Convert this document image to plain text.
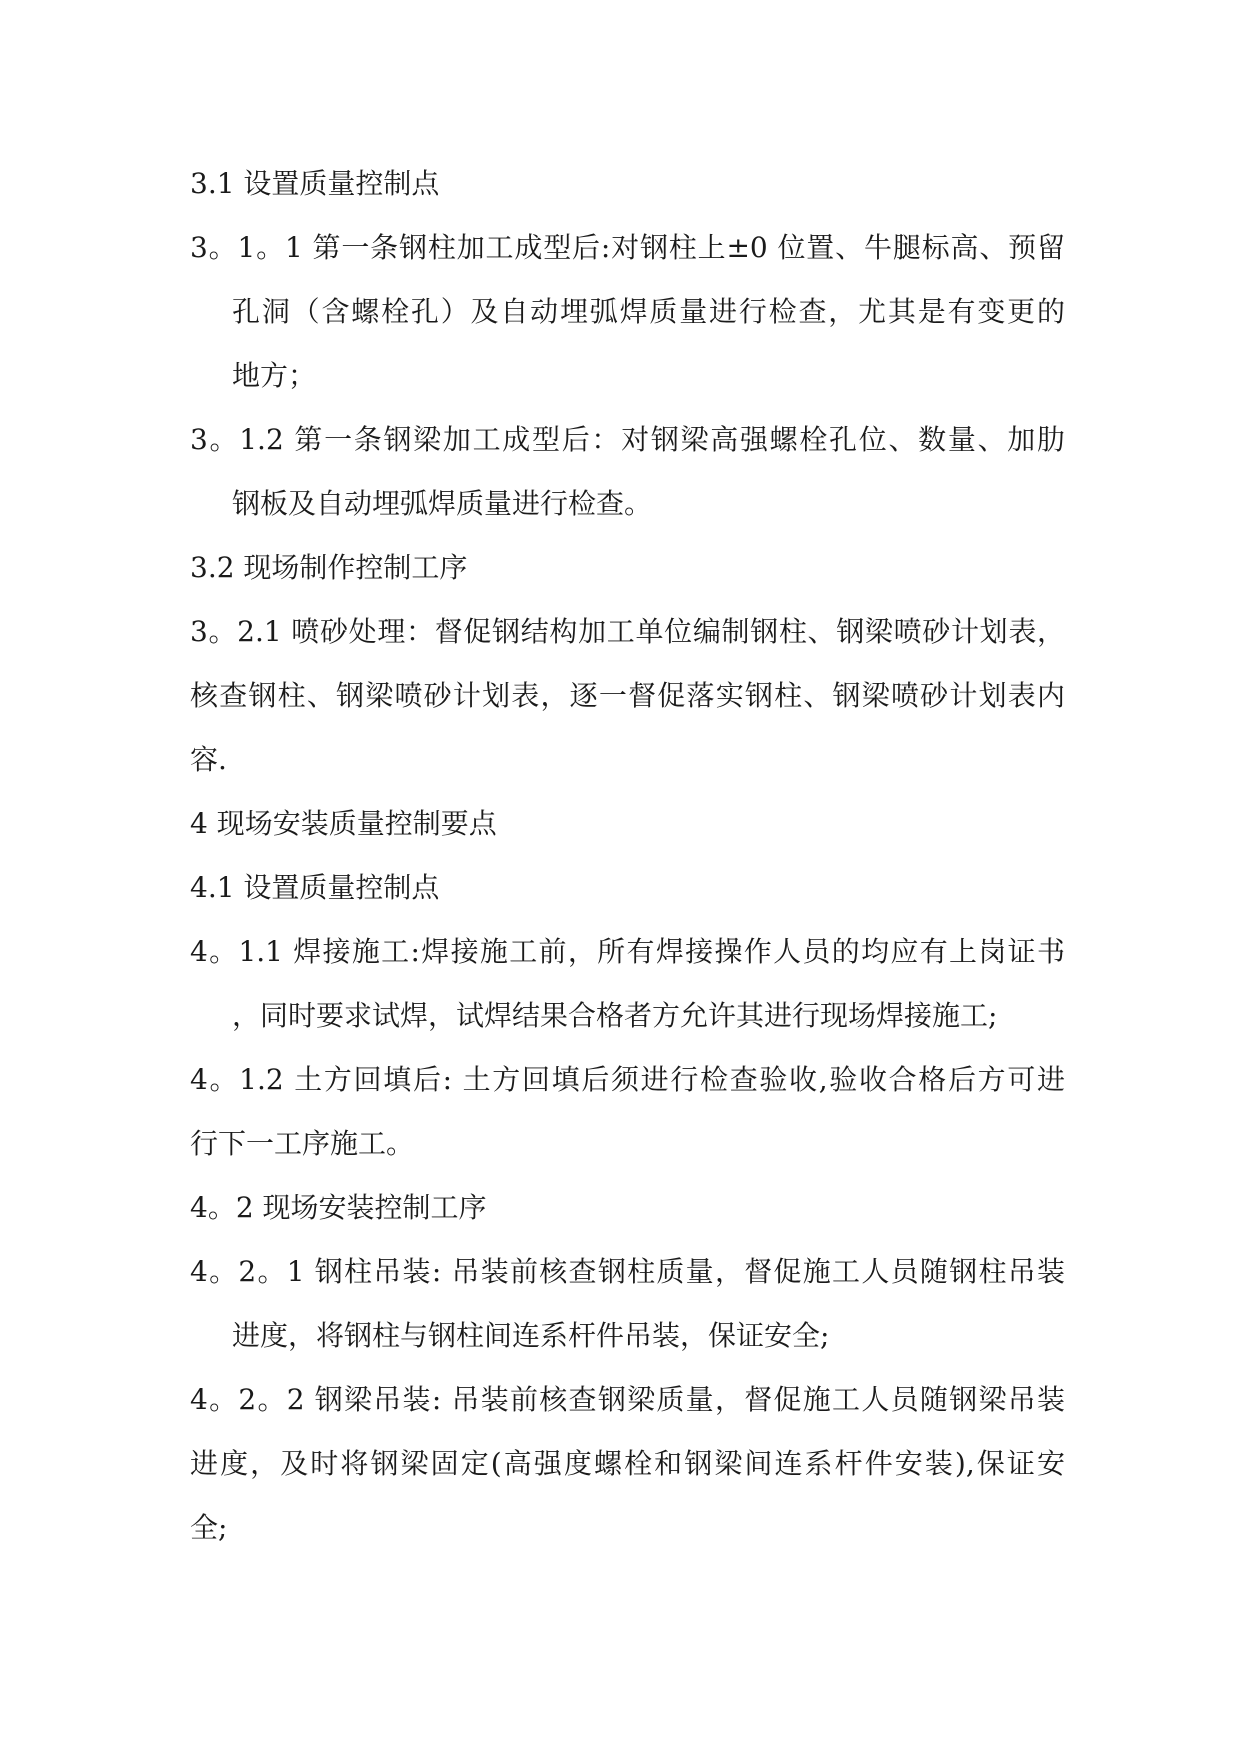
3.1 设置质量控制点
3。1。1 第一条钢柱加工成型后:对钢柱上±0 位置、牛腿标高、预留
孔洞（含螺栓孔）及自动埋弧焊质量进行检查，尤其是有变更的
地方；
3。1.2 第一条钢梁加工成型后：对钢梁高强螺栓孔位、数量、加肋
钢板及自动埋弧焊质量进行检查。
3.2 现场制作控制工序
3。2.1 喷砂处理：督促钢结构加工单位编制钢柱、钢梁喷砂计划表，
核查钢柱、钢梁喷砂计划表，逐一督促落实钢柱、钢梁喷砂计划表内
容.
4 现场安装质量控制要点
4.1 设置质量控制点
4。1.1 焊接施工:焊接施工前，所有焊接操作人员的均应有上岗证书
，同时要求试焊，试焊结果合格者方允许其进行现场焊接施工;
4。1.2 土方回填后: 土方回填后须进行检查验收,验收合格后方可进
行下一工序施工。
4。2 现场安装控制工序
4。2。1 钢柱吊装: 吊装前核查钢柱质量，督促施工人员随钢柱吊装
进度，将钢柱与钢柱间连系杆件吊装，保证安全;
4。2。2 钢梁吊装: 吊装前核查钢梁质量，督促施工人员随钢梁吊装
进度，及时将钢梁固定(高强度螺栓和钢梁间连系杆件安装),保证安
全;
